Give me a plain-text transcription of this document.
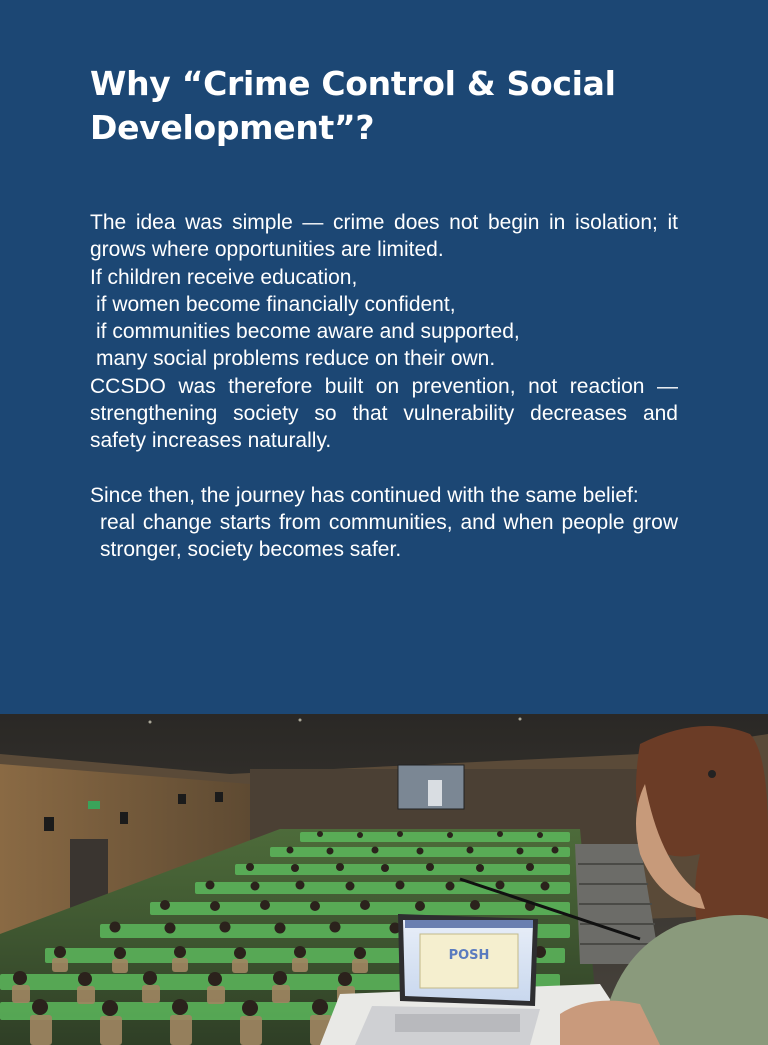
Why “Crime Control & Social
Development”?

The idea was simple — crime does not begin in isolation; it grows where opportunities are limited.

If children receive education,

if women become financially confident,

if communities become aware and supported,

many social problems reduce on their own.

CCSDO was therefore built on prevention, not reaction — strengthening society so that vulnerability decreases and safety increases naturally.

Since then, the journey has continued with the same belief:

real change starts from communities, and when people grow stronger, society becomes safer.

POSH
